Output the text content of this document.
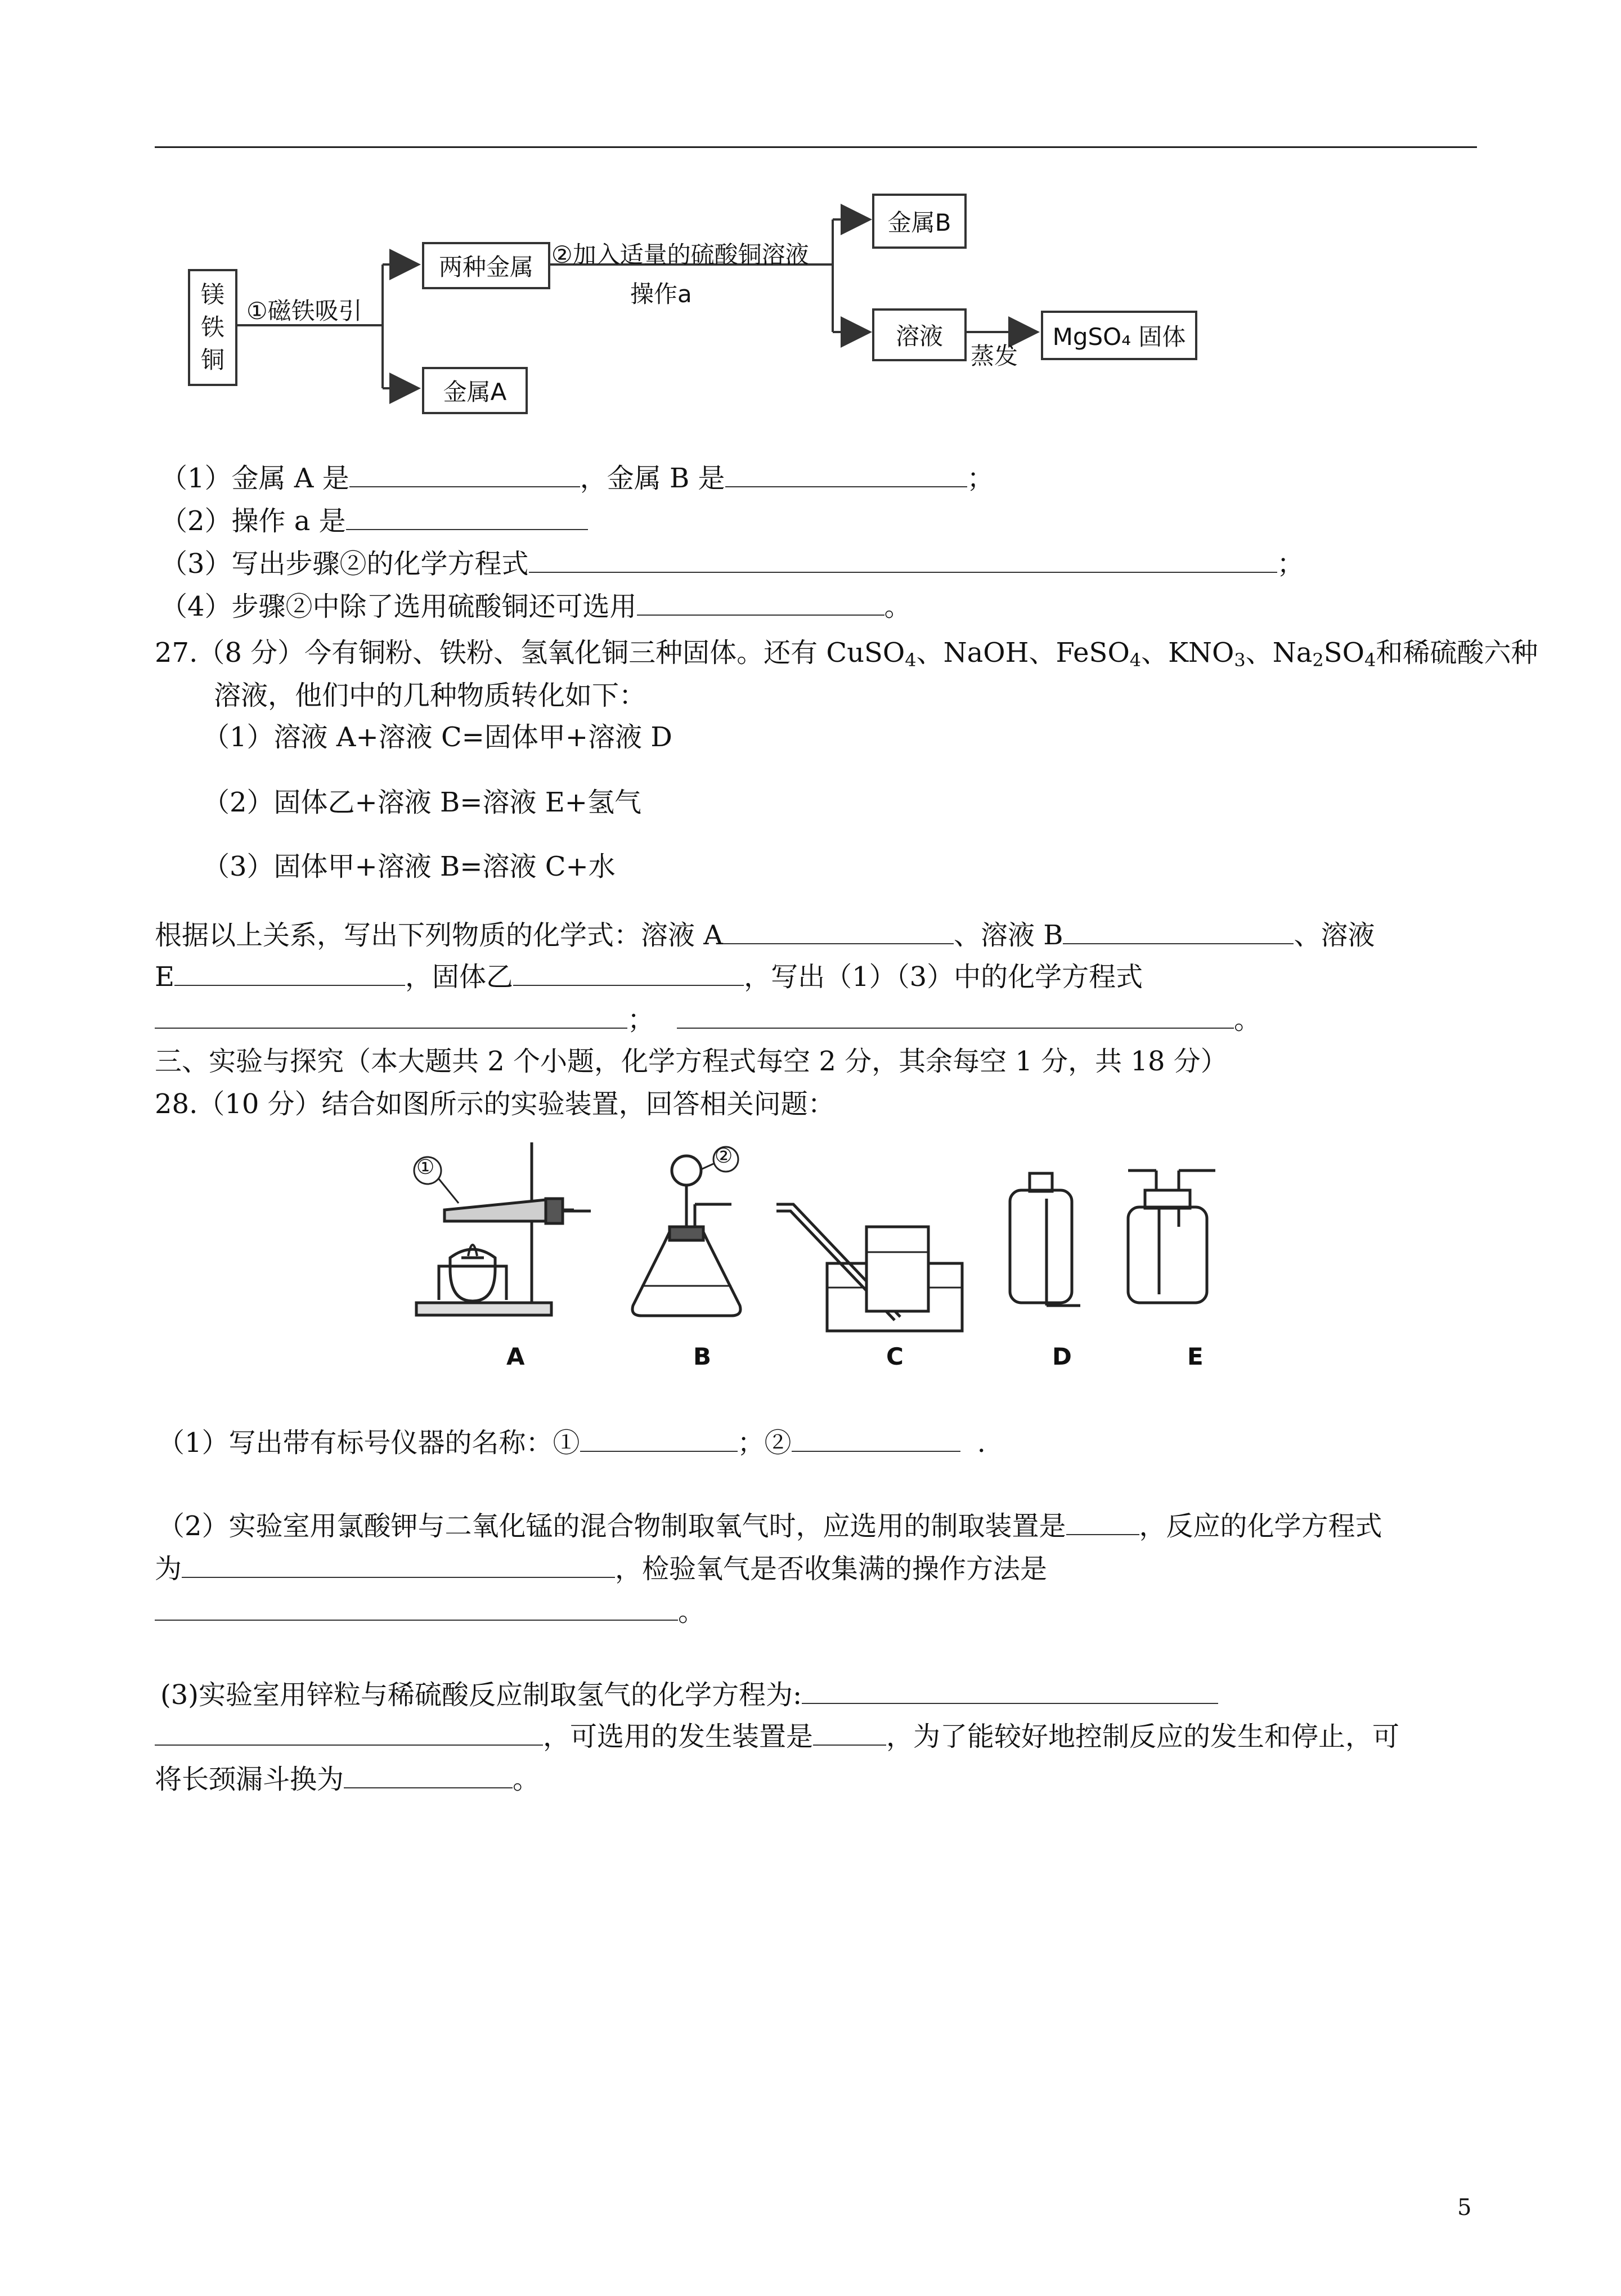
镁
铁
铜
①磁铁吸引
两种金属
金属A
②加入适量的硫酸铜溶液
操作a
金属B
溶液
蒸发
MgSO₄ 固体
（1）金属 A 是	，金属 B 是	；
（2）操作 a 是
（3）写出步骤②的化学方程式	；
（4）步骤②中除了选用硫酸铜还可选用	。
27.（8 分）今有铜粉、铁粉、氢氧化铜三种固体。还有 CuSO$_4$、NaOH、FeSO$_4$、$KNO_3$、$Na_2SO_4$和稀硫酸六种
溶液，他们中的几种物质转化如下：
（1）溶液 A+溶液 C=固体甲+溶液 D
（2）固体乙+溶液 B=溶液 E+氢气
（3）固体甲+溶液 B=溶液 C+水
根据以上关系，写出下列物质的化学式：溶液 A	、溶液 B	、溶液
E	，固体乙	，写出（1）（3）中的化学方程式
；	。
三、实验与探究（本大题共 2 个小题，化学方程式每空 2 分，其余每空 1 分，共 18 分）
28.（10 分）结合如图所示的实验装置，回答相关问题：
①	②
A	B	C	D	E
（1）写出带有标号仪器的名称：①	；②	.
（2）实验室用氯酸钾与二氧化锰的混合物制取氧气时，应选用的制取装置是	，反应的化学方程式
为	，检验氧气是否收集满的操作方法是
。
(3)实验室用锌粒与稀硫酸反应制取氢气的化学方程为:
，可选用的发生装置是	，为了能较好地控制反应的发生和停止，可
将长颈漏斗换为	。
5
